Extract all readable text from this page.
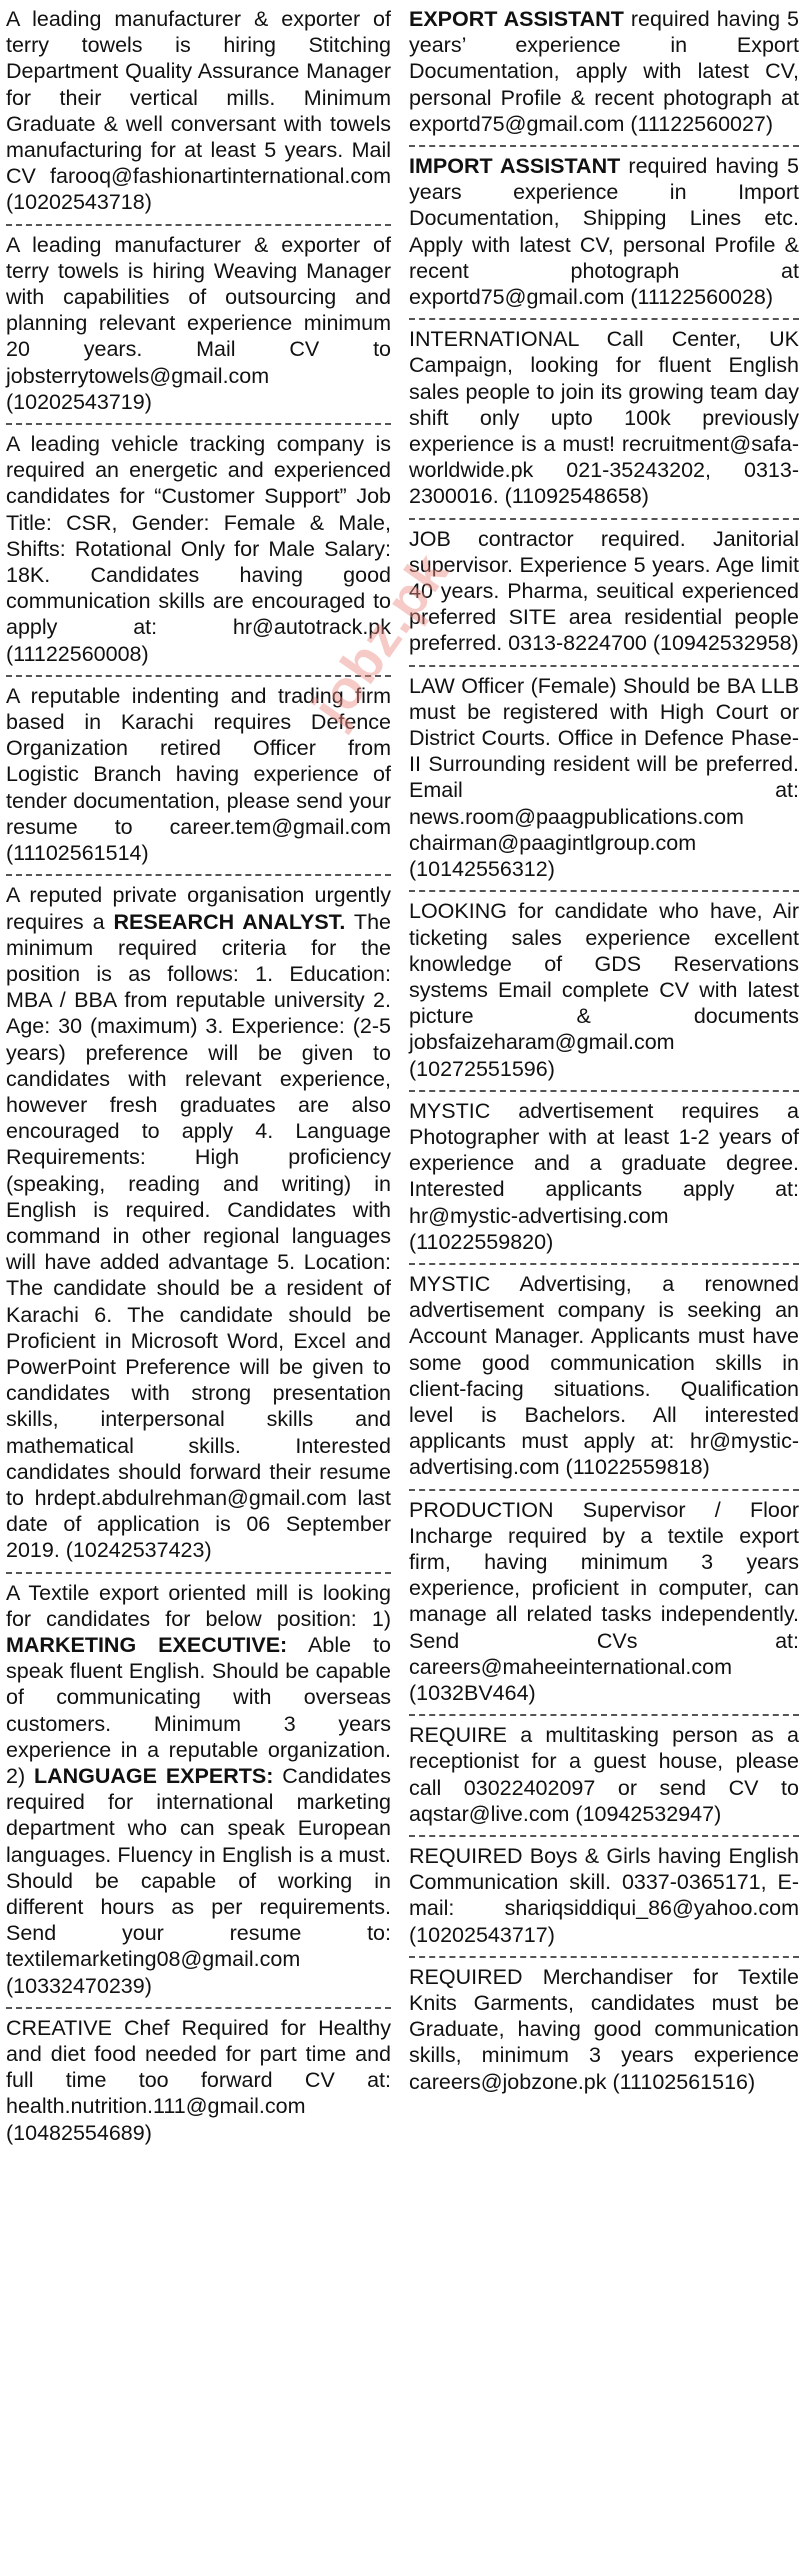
A leading manufacturer & exporter of terry towels is hiring Stitching Department Quality Assurance Manager for their vertical mills. Minimum Graduate & well conversant with towels manufacturing for at least 5 years. Mail CV farooq@fashionartinternational.com (10202543718)
A leading manufacturer & exporter of terry towels is hiring Weaving Manager with capabilities of outsourcing and planning relevant experience minimum 20 years. Mail CV to jobsterrytowels@gmail.com (10202543719)
A leading vehicle tracking company is required an energetic and experienced candidates for “Customer Support” Job Title: CSR, Gender: Female & Male, Shifts: Rotational Only for Male Salary: 18K. Candidates having good communication skills are encouraged to apply at: hr@autotrack.pk (11122560008)
A reputable indenting and trading firm based in Karachi requires Defence Organization retired Officer from Logistic Branch having experience of tender documentation, please send your resume to career.tem@gmail.com (11102561514)
A reputed private organisation urgently requires a RESEARCH ANALYST. The minimum required criteria for the position is as follows: 1. Education: MBA / BBA from reputable university 2. Age: 30 (maximum) 3. Experience: (2-5 years) preference will be given to candidates with relevant experience, however fresh graduates are also encouraged to apply 4. Language Requirements: High proficiency (speaking, reading and writing) in English is required. Candidates with command in other regional languages will have added advantage 5. Location: The candidate should be a resident of Karachi 6. The candidate should be Proficient in Microsoft Word, Excel and PowerPoint Preference will be given to candidates with strong presentation skills, interpersonal skills and mathematical skills. Interested candidates should forward their resume to hrdept.abdulrehman@gmail.com last date of application is 06 September 2019. (10242537423)
A Textile export oriented mill is looking for candidates for below position: 1) MARKETING EXECUTIVE: Able to speak fluent English. Should be capable of communicating with overseas customers. Minimum 3 years experience in a reputable organization. 2) LANGUAGE EXPERTS: Candidates required for international marketing department who can speak European languages. Fluency in English is a must. Should be capable of working in different hours as per requirements. Send your resume to: textilemarketing08@gmail.com (10332470239)
CREATIVE Chef Required for Healthy and diet food needed for part time and full time too forward CV at: health.nutrition.111@gmail.com (10482554689)
EXPORT ASSISTANT required having 5 years’ experience in Export Documentation, apply with latest CV, personal Profile & recent photograph at exportd75@gmail.com (11122560027)
IMPORT ASSISTANT required having 5 years experience in Import Documentation, Shipping Lines etc. Apply with latest CV, personal Profile & recent photograph at exportd75@gmail.com (11122560028)
INTERNATIONAL Call Center, UK Campaign, looking for fluent English sales people to join its growing team day shift only upto 100k previously experience is a must! recruitment@safa-worldwide.pk 021-35243202, 0313-2300016. (11092548658)
JOB contractor required. Janitorial supervisor. Experience 5 years. Age limit 40 years. Pharma, seuitical experienced preferred SITE area residential people preferred. 0313-8224700 (10942532958)
LAW Officer (Female) Should be BA LLB must be registered with High Court or District Courts. Office in Defence Phase-II Surrounding resident will be preferred. Email at: news.room@paagpublications.com chairman@paagintlgroup.com (10142556312)
LOOKING for candidate who have, Air ticketing sales experience excellent knowledge of GDS Reservations systems Email complete CV with latest picture & documents jobsfaizeharam@gmail.com (10272551596)
MYSTIC advertisement requires a Photographer with at least 1-2 years of experience and a graduate degree. Interested applicants apply at: hr@mystic-advertising.com (11022559820)
MYSTIC Advertising, a renowned advertisement company is seeking an Account Manager. Applicants must have some good communication skills in client-facing situations. Qualification level is Bachelors. All interested applicants must apply at: hr@mystic-advertising.com (11022559818)
PRODUCTION Supervisor / Floor Incharge required by a textile export firm, having minimum 3 years experience, proficient in computer, can manage all related tasks independently. Send CVs at: careers@maheeinternational.com (1032BV464)
REQUIRE a multitasking person as a receptionist for a guest house, please call 03022402097 or send CV to aqstar@live.com (10942532947)
REQUIRED Boys & Girls having English Communication skill. 0337-0365171, E-mail: shariqsiddiqui_86@yahoo.com (10202543717)
REQUIRED Merchandiser for Textile Knits Garments, candidates must be Graduate, having good communication skills, minimum 3 years experience careers@jobzone.pk (11102561516)
jobz.pk
